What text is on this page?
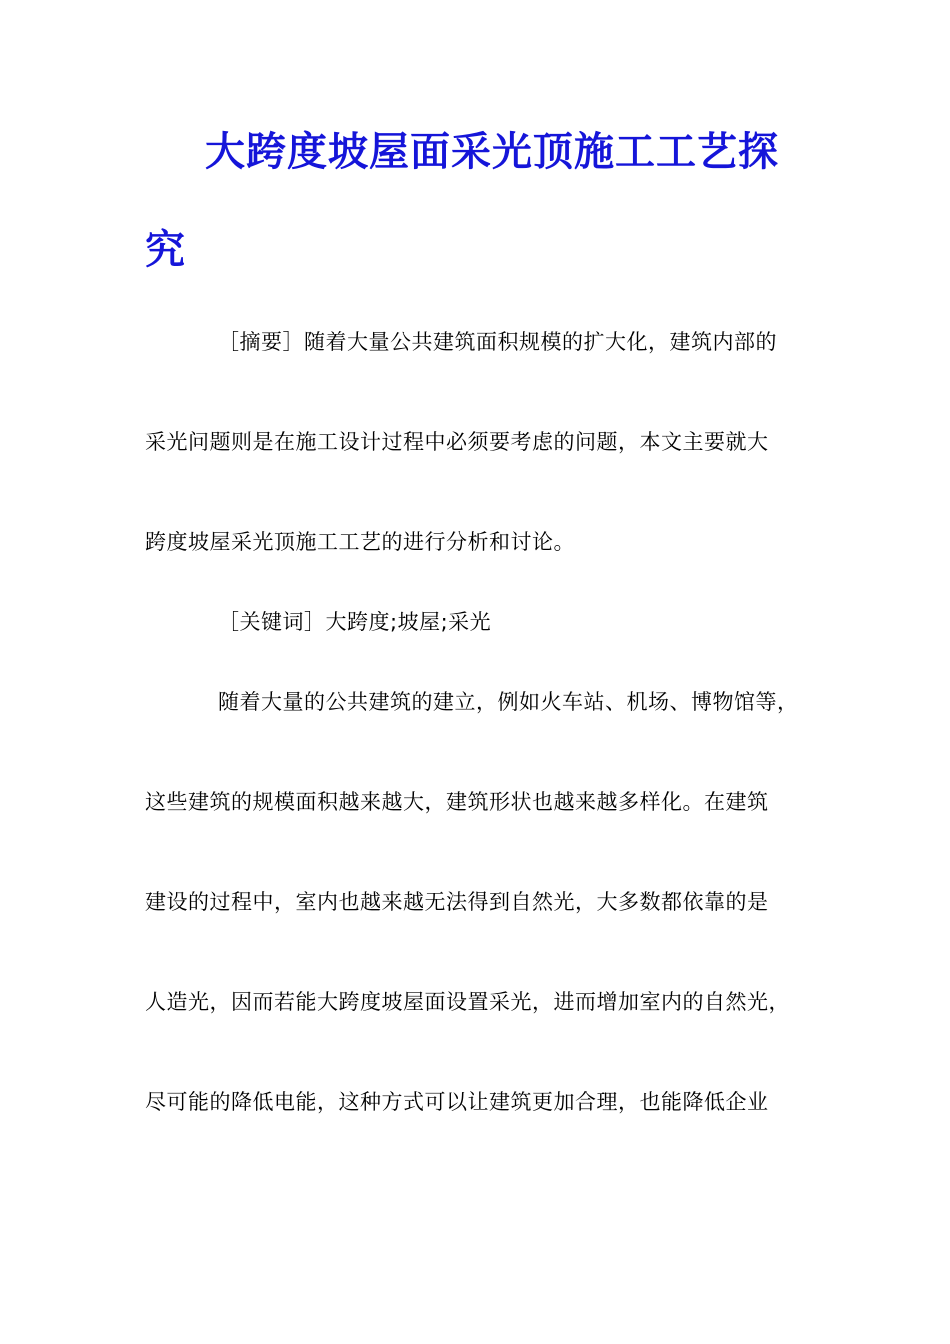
大跨度坡屋面采光顶施工工艺探
究
［摘要］随着大量公共建筑面积规模的扩大化，建筑内部的
采光问题则是在施工设计过程中必须要考虑的问题，本文主要就大
跨度坡屋采光顶施工工艺的进行分析和讨论。
［关键词］大跨度;坡屋;采光
随着大量的公共建筑的建立，例如火车站、机场、博物馆等，
这些建筑的规模面积越来越大，建筑形状也越来越多样化。在建筑
建设的过程中，室内也越来越无法得到自然光，大多数都依靠的是
人造光，因而若能大跨度坡屋面设置采光，进而增加室内的自然光，
尽可能的降低电能，这种方式可以让建筑更加合理，也能降低企业
